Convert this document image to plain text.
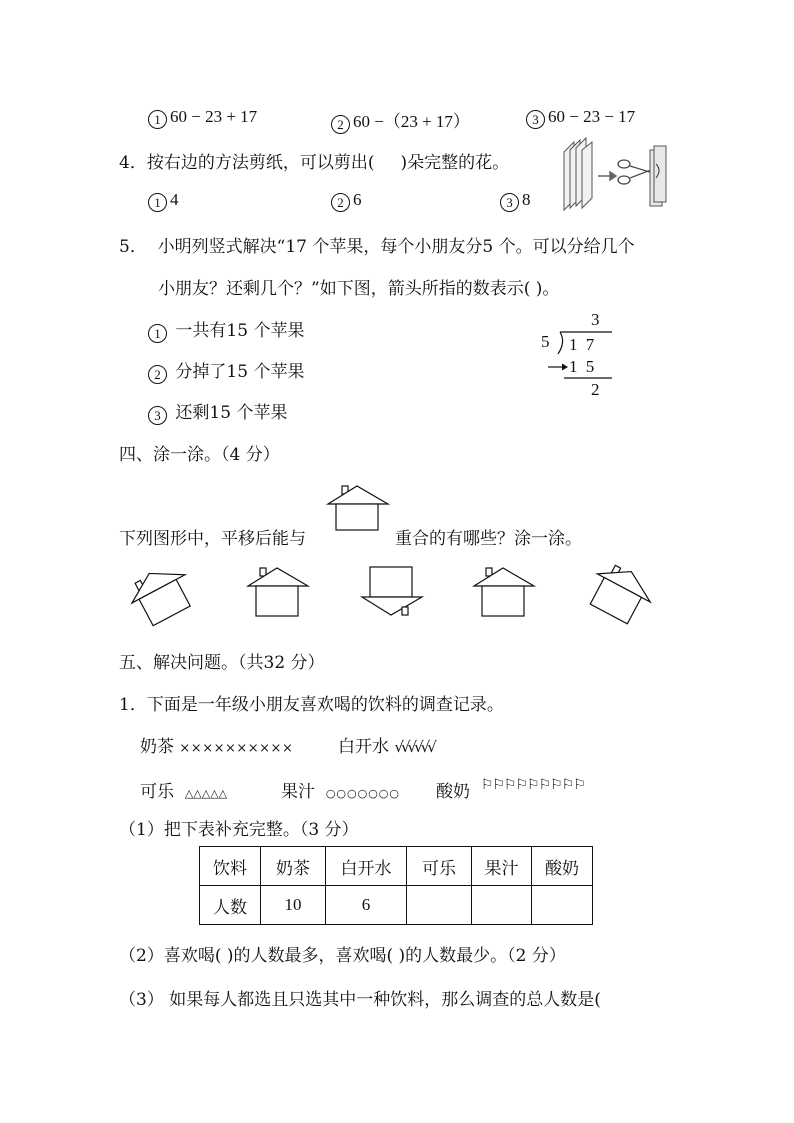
1 60 − 23 + 17	2 60 −（23 + 17）	3 60 − 23 − 17
4．按右边的方法剪纸，可以剪出( )朵完整的花。
1 4	2 6	3 8
5． 小明列竖式解决“17 个苹果，每个小朋友分5 个。可以分给几个
小朋友？还剩几个？”如下图，箭头所指的数表示( )。
1 一共有15 个苹果
2 分掉了15 个苹果
3 还剩15 个苹果
3
5 1 7
1 5
2
四、涂一涂。（4 分）
下列图形中，平移后能与	重合的有哪些？涂一涂。
五、解决问题。（共32 分）
1．下面是一年级小朋友喜欢喝的饮料的调查记录。
奶茶 ××××××××××	白开水 √√√√√√
可乐 △△△△△	果汁 ○○○○○○○ 酸奶 ⚐⚐⚐⚐⚐⚐⚐⚐⚐
（1）把下表补充完整。（3 分）
饮料	奶茶	白开水	可乐	果汁	酸奶
人数	10	6			
（2）喜欢喝( )的人数最多，喜欢喝( )的人数最少。（2 分）
（3） 如果每人都选且只选其中一种饮料，那么调查的总人数是(
